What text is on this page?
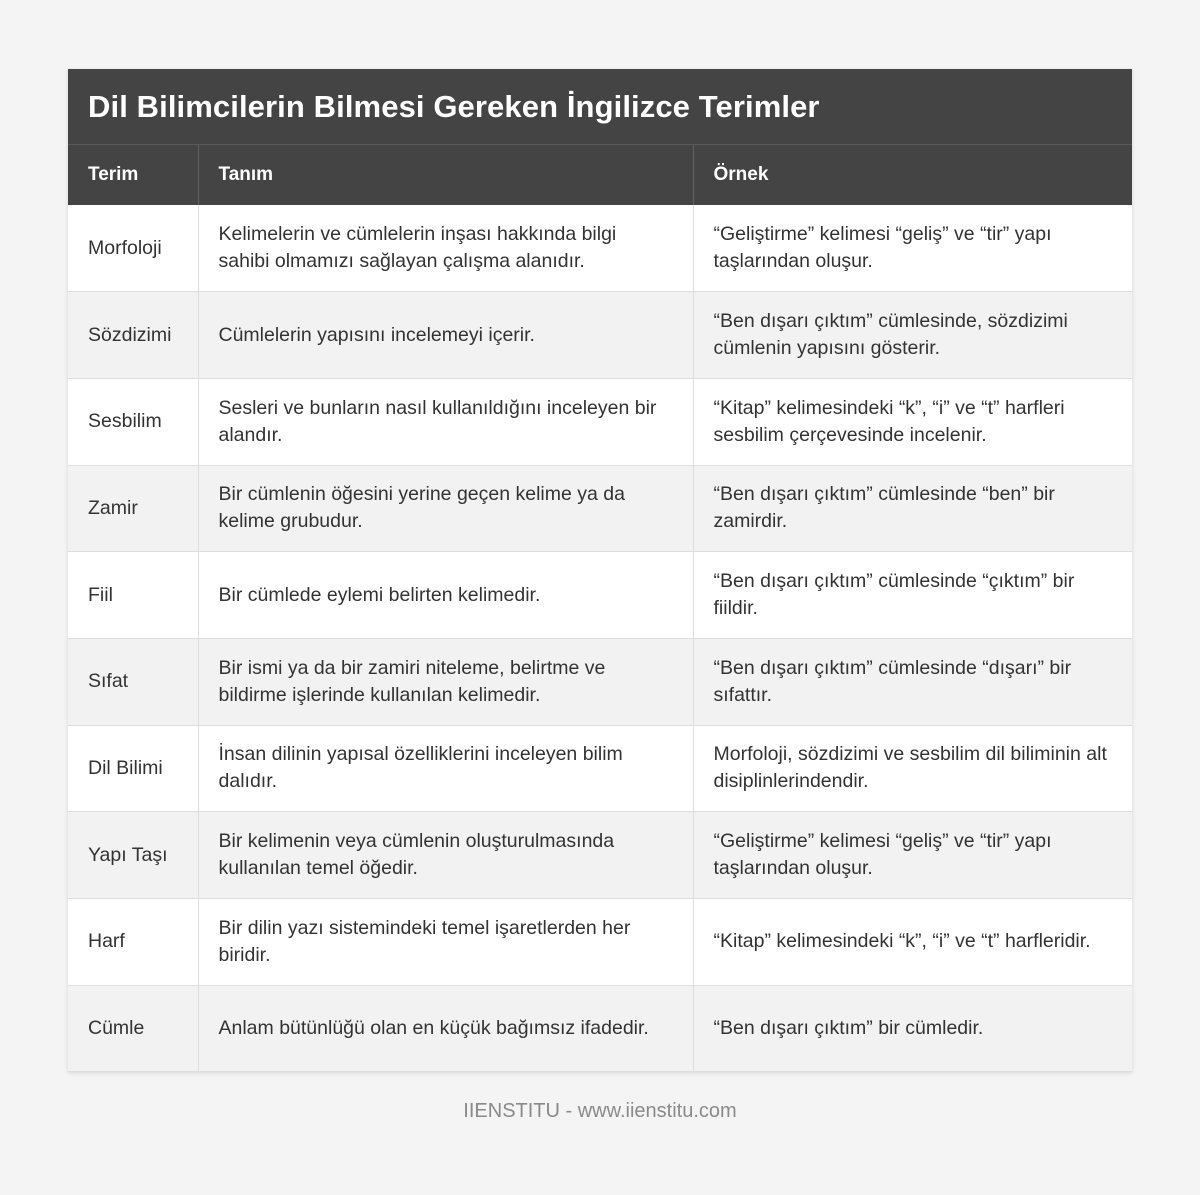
Dil Bilimcilerin Bilmesi Gereken İngilizce Terimler
Terim	Tanım	Örnek
Morfoloji	Kelimelerin ve cümlelerin inşası hakkında bilgi sahibi olmamızı sağlayan çalışma alanıdır.	“Geliştirme” kelimesi “geliş” ve “tir” yapı taşlarından oluşur.
Sözdizimi	Cümlelerin yapısını incelemeyi içerir.	“Ben dışarı çıktım” cümlesinde, sözdizimi cümlenin yapısını gösterir.
Sesbilim	Sesleri ve bunların nasıl kullanıldığını inceleyen bir alandır.	“Kitap” kelimesindeki “k”, “i” ve “t” harfleri sesbilim çerçevesinde incelenir.
Zamir	Bir cümlenin öğesini yerine geçen kelime ya da kelime grubudur.	“Ben dışarı çıktım” cümlesinde “ben” bir zamirdir.
Fiil	Bir cümlede eylemi belirten kelimedir.	“Ben dışarı çıktım” cümlesinde “çıktım” bir fiildir.
Sıfat	Bir ismi ya da bir zamiri niteleme, belirtme ve bildirme işlerinde kullanılan kelimedir.	“Ben dışarı çıktım” cümlesinde “dışarı” bir sıfattır.
Dil Bilimi	İnsan dilinin yapısal özelliklerini inceleyen bilim dalıdır.	Morfoloji, sözdizimi ve sesbilim dil biliminin alt disiplinlerindendir.
Yapı Taşı	Bir kelimenin veya cümlenin oluşturulmasında kullanılan temel öğedir.	“Geliştirme” kelimesi “geliş” ve “tir” yapı taşlarından oluşur.
Harf	Bir dilin yazı sistemindeki temel işaretlerden her biridir.	“Kitap” kelimesindeki “k”, “i” ve “t” harfleridir.
Cümle	Anlam bütünlüğü olan en küçük bağımsız ifadedir.	“Ben dışarı çıktım” bir cümledir.
IIENSTITU - www.iienstitu.com
